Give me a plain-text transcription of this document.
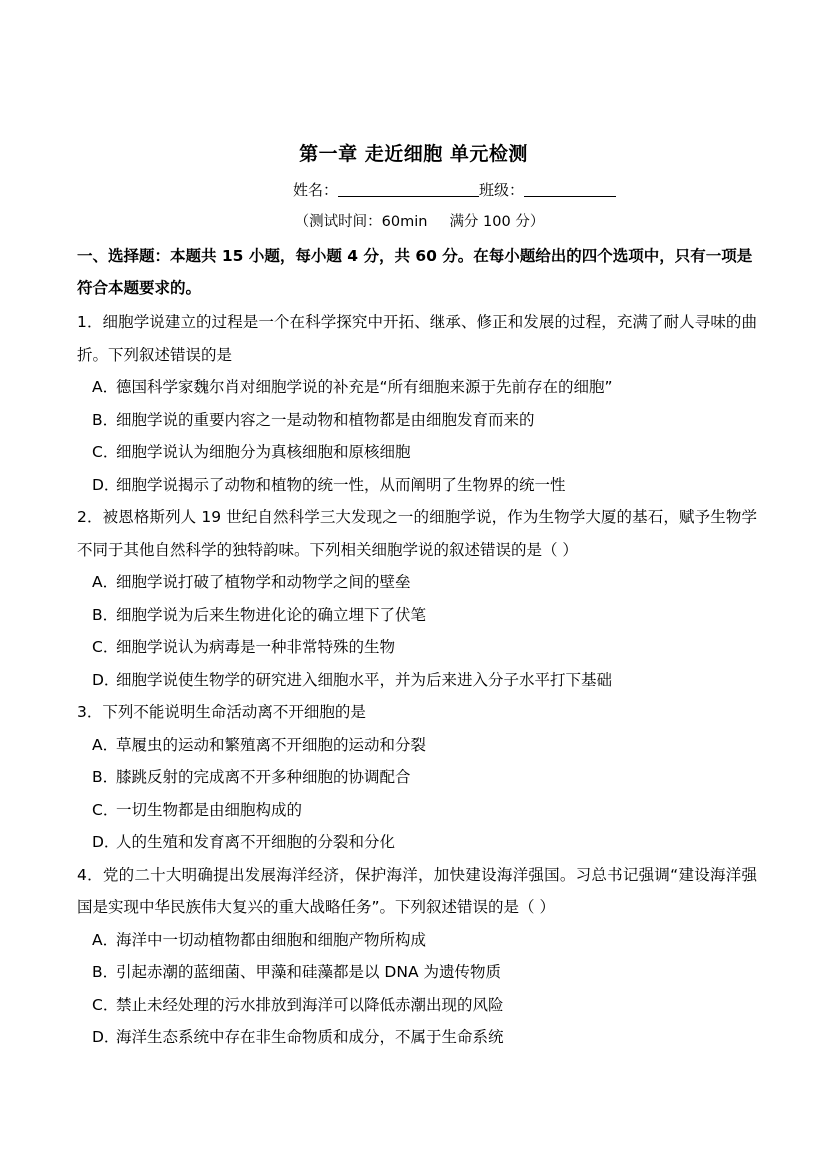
第一章 走近细胞 单元检测
姓名：	班级：
（测试时间：60min 满分 100 分）
一、选择题：本题共 15 小题，每小题 4 分，共 60 分。在每小题给出的四个选项中，只有一项是符合本题要求的。

1．细胞学说建立的过程是一个在科学探究中开拓、继承、修正和发展的过程，充满了耐人寻味的曲折。下列叙述错误的是

A．德国科学家魏尔肖对细胞学说的补充是“所有细胞来源于先前存在的细胞”

B．细胞学说的重要内容之一是动物和植物都是由细胞发育而来的

C．细胞学说认为细胞分为真核细胞和原核细胞

D．细胞学说揭示了动物和植物的统一性，从而阐明了生物界的统一性

2．被恩格斯列人 19 世纪自然科学三大发现之一的细胞学说，作为生物学大厦的基石，赋予生物学不同于其他自然科学的独特韵味。下列相关细胞学说的叙述错误的是（ ）

A．细胞学说打破了植物学和动物学之间的壁垒

B．细胞学说为后来生物进化论的确立埋下了伏笔

C．细胞学说认为病毒是一种非常特殊的生物

D．细胞学说使生物学的研究进入细胞水平，并为后来进入分子水平打下基础

3．下列不能说明生命活动离不开细胞的是

A．草履虫的运动和繁殖离不开细胞的运动和分裂

B．膝跳反射的完成离不开多种细胞的协调配合

C．一切生物都是由细胞构成的

D．人的生殖和发育离不开细胞的分裂和分化

4．党的二十大明确提出发展海洋经济，保护海洋，加快建设海洋强国。习总书记强调“建设海洋强国是实现中华民族伟大复兴的重大战略任务”。下列叙述错误的是（ ）

A．海洋中一切动植物都由细胞和细胞产物所构成

B．引起赤潮的蓝细菌、甲藻和硅藻都是以 DNA 为遗传物质

C．禁止未经处理的污水排放到海洋可以降低赤潮出现的风险

D．海洋生态系统中存在非生命物质和成分，不属于生命系统
